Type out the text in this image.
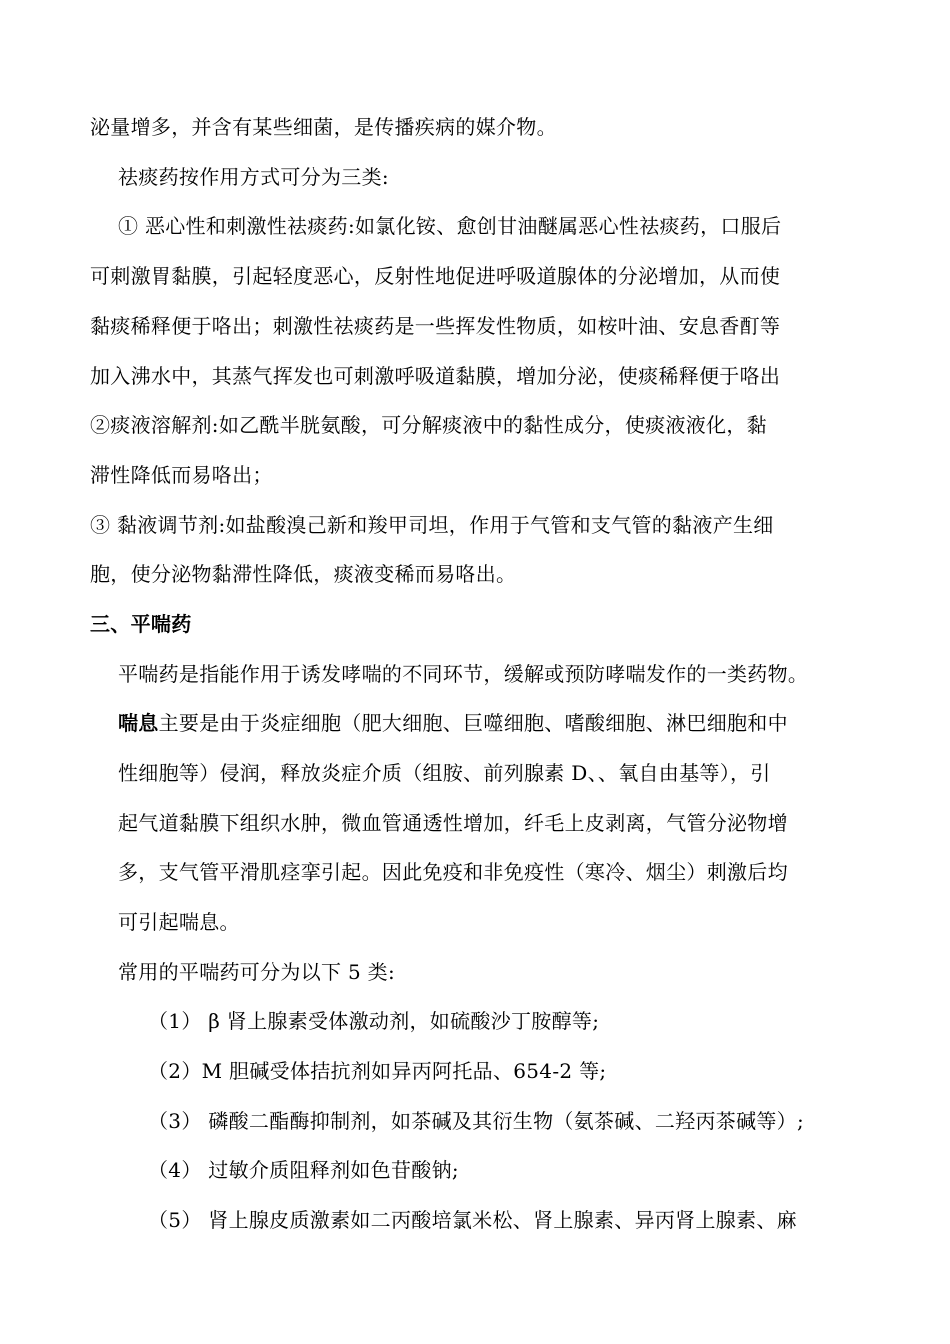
泌量增多，并含有某些细菌，是传播疾病的媒介物。
祛痰药按作用方式可分为三类:
① 恶心性和刺激性祛痰药:如氯化铵、愈创甘油醚属恶心性祛痰药，口服后
可刺激胃黏膜，引起轻度恶心，反射性地促进呼吸道腺体的分泌增加，从而使
黏痰稀释便于咯出；刺激性祛痰药是一些挥发性物质，如桉叶油、安息香酊等
加入沸水中，其蒸气挥发也可刺激呼吸道黏膜，增加分泌，使痰稀释便于咯出
②痰液溶解剂:如乙酰半胱氨酸，可分解痰液中的黏性成分，使痰液液化，黏
滞性降低而易咯出；
③ 黏液调节剂:如盐酸溴己新和羧甲司坦，作用于气管和支气管的黏液产生细
胞，使分泌物黏滞性降低，痰液变稀而易咯出。
三、平喘药
平喘药是指能作用于诱发哮喘的不同环节，缓解或预防哮喘发作的一类药物。
喘息主要是由于炎症细胞（肥大细胞、巨噬细胞、嗜酸细胞、淋巴细胞和中
性细胞等）侵润，释放炎症介质（组胺、前列腺素 D、、氧自由基等），引
起气道黏膜下组织水肿，微血管通透性增加，纤毛上皮剥离，气管分泌物增
多，支气管平滑肌痉挛引起。因此免疫和非免疫性（寒冷、烟尘）刺激后均
可引起喘息。
常用的平喘药可分为以下 5 类:
（1） β 肾上腺素受体激动剂，如硫酸沙丁胺醇等;
（2）M 胆碱受体拮抗剂如异丙阿托品、654-2 等;
（3） 磷酸二酯酶抑制剂，如茶碱及其衍生物（氨茶碱、二羟丙茶碱等）;
（4） 过敏介质阻释剂如色苷酸钠;
（5） 肾上腺皮质激素如二丙酸培氯米松、肾上腺素、异丙肾上腺素、麻
